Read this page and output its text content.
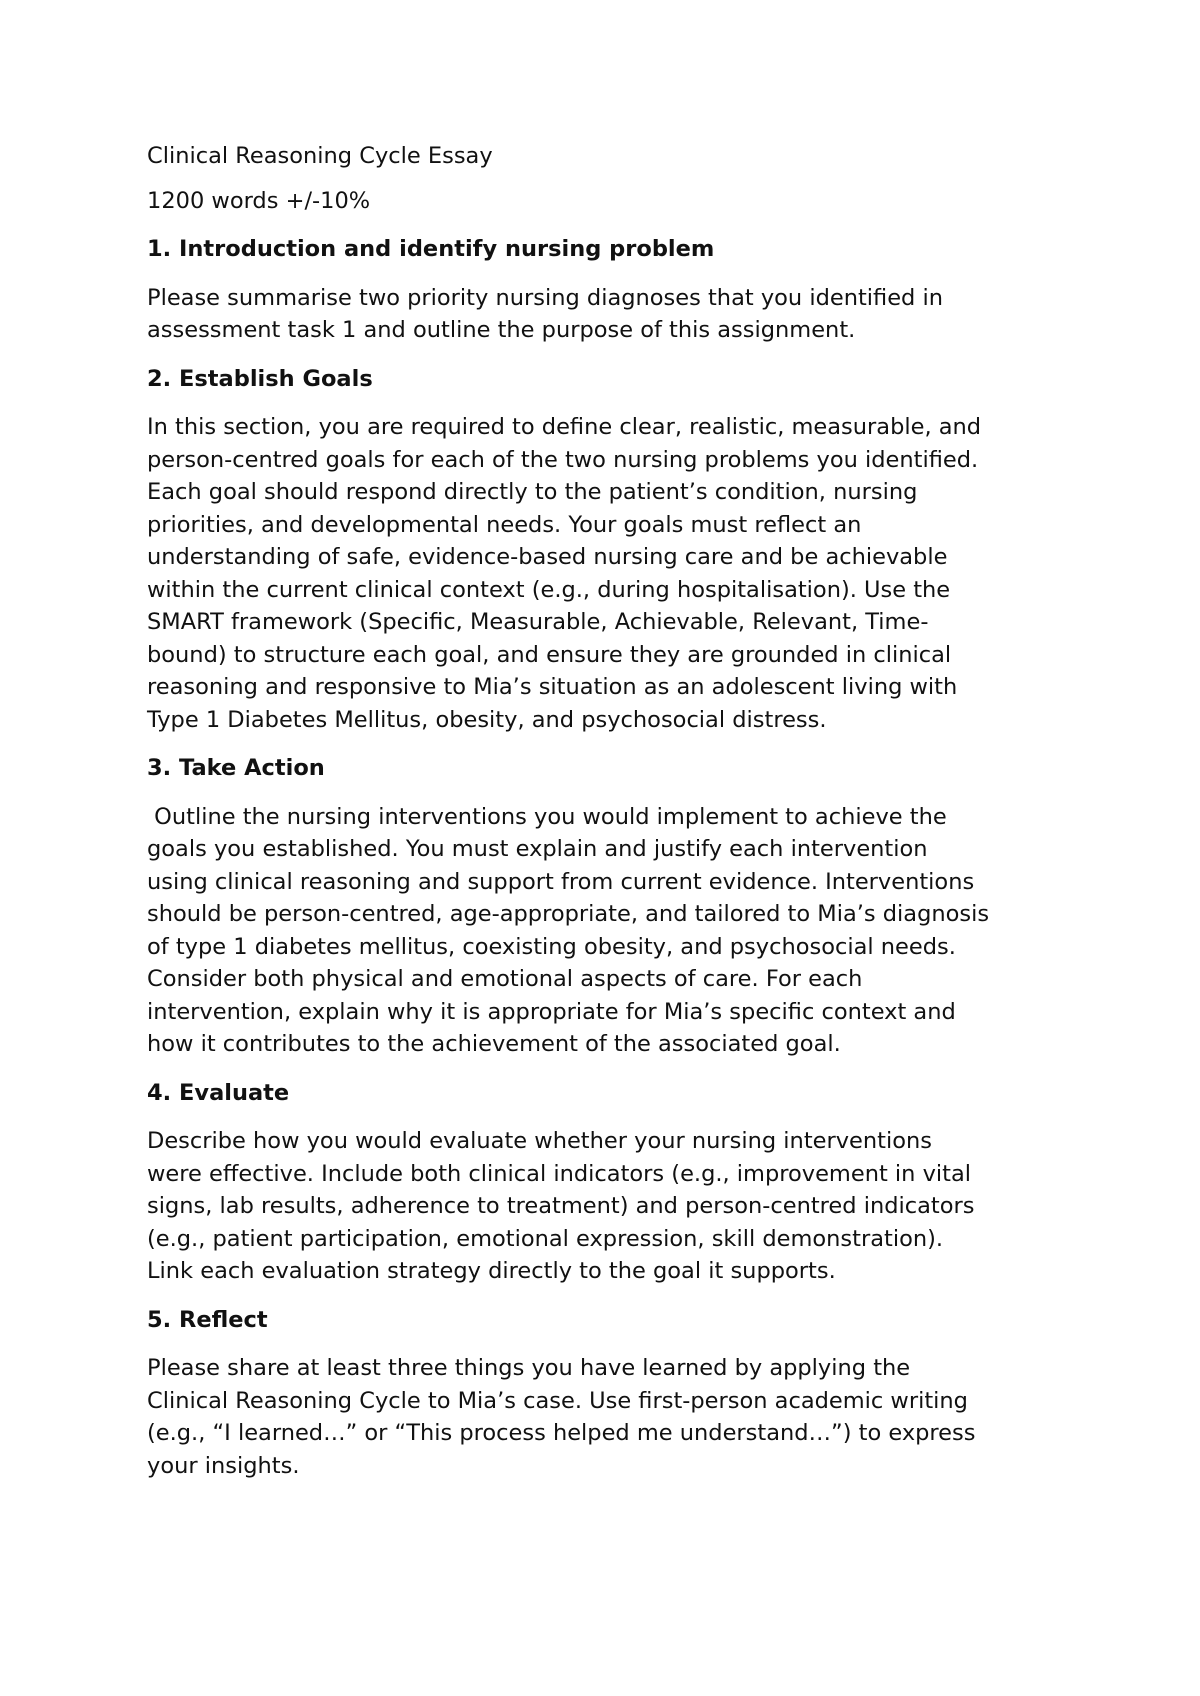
Clinical Reasoning Cycle Essay
1200 words +/-10%
1. Introduction and identify nursing problem
Please summarise two priority nursing diagnoses that you identified in
assessment task 1 and outline the purpose of this assignment.
2. Establish Goals
In this section, you are required to define clear, realistic, measurable, and
person-centred goals for each of the two nursing problems you identified.
Each goal should respond directly to the patient’s condition, nursing
priorities, and developmental needs. Your goals must reflect an
understanding of safe, evidence-based nursing care and be achievable
within the current clinical context (e.g., during hospitalisation). Use the
SMART framework (Specific, Measurable, Achievable, Relevant, Time-
bound) to structure each goal, and ensure they are grounded in clinical
reasoning and responsive to Mia’s situation as an adolescent living with
Type 1 Diabetes Mellitus, obesity, and psychosocial distress.
3. Take Action
Outline the nursing interventions you would implement to achieve the
goals you established. You must explain and justify each intervention
using clinical reasoning and support from current evidence. Interventions
should be person-centred, age-appropriate, and tailored to Mia’s diagnosis
of type 1 diabetes mellitus, coexisting obesity, and psychosocial needs.
Consider both physical and emotional aspects of care. For each
intervention, explain why it is appropriate for Mia’s specific context and
how it contributes to the achievement of the associated goal.
4. Evaluate
Describe how you would evaluate whether your nursing interventions
were effective. Include both clinical indicators (e.g., improvement in vital
signs, lab results, adherence to treatment) and person-centred indicators
(e.g., patient participation, emotional expression, skill demonstration).
Link each evaluation strategy directly to the goal it supports.
5. Reflect
Please share at least three things you have learned by applying the
Clinical Reasoning Cycle to Mia’s case. Use first-person academic writing
(e.g., “I learned…” or “This process helped me understand…”) to express
your insights.
